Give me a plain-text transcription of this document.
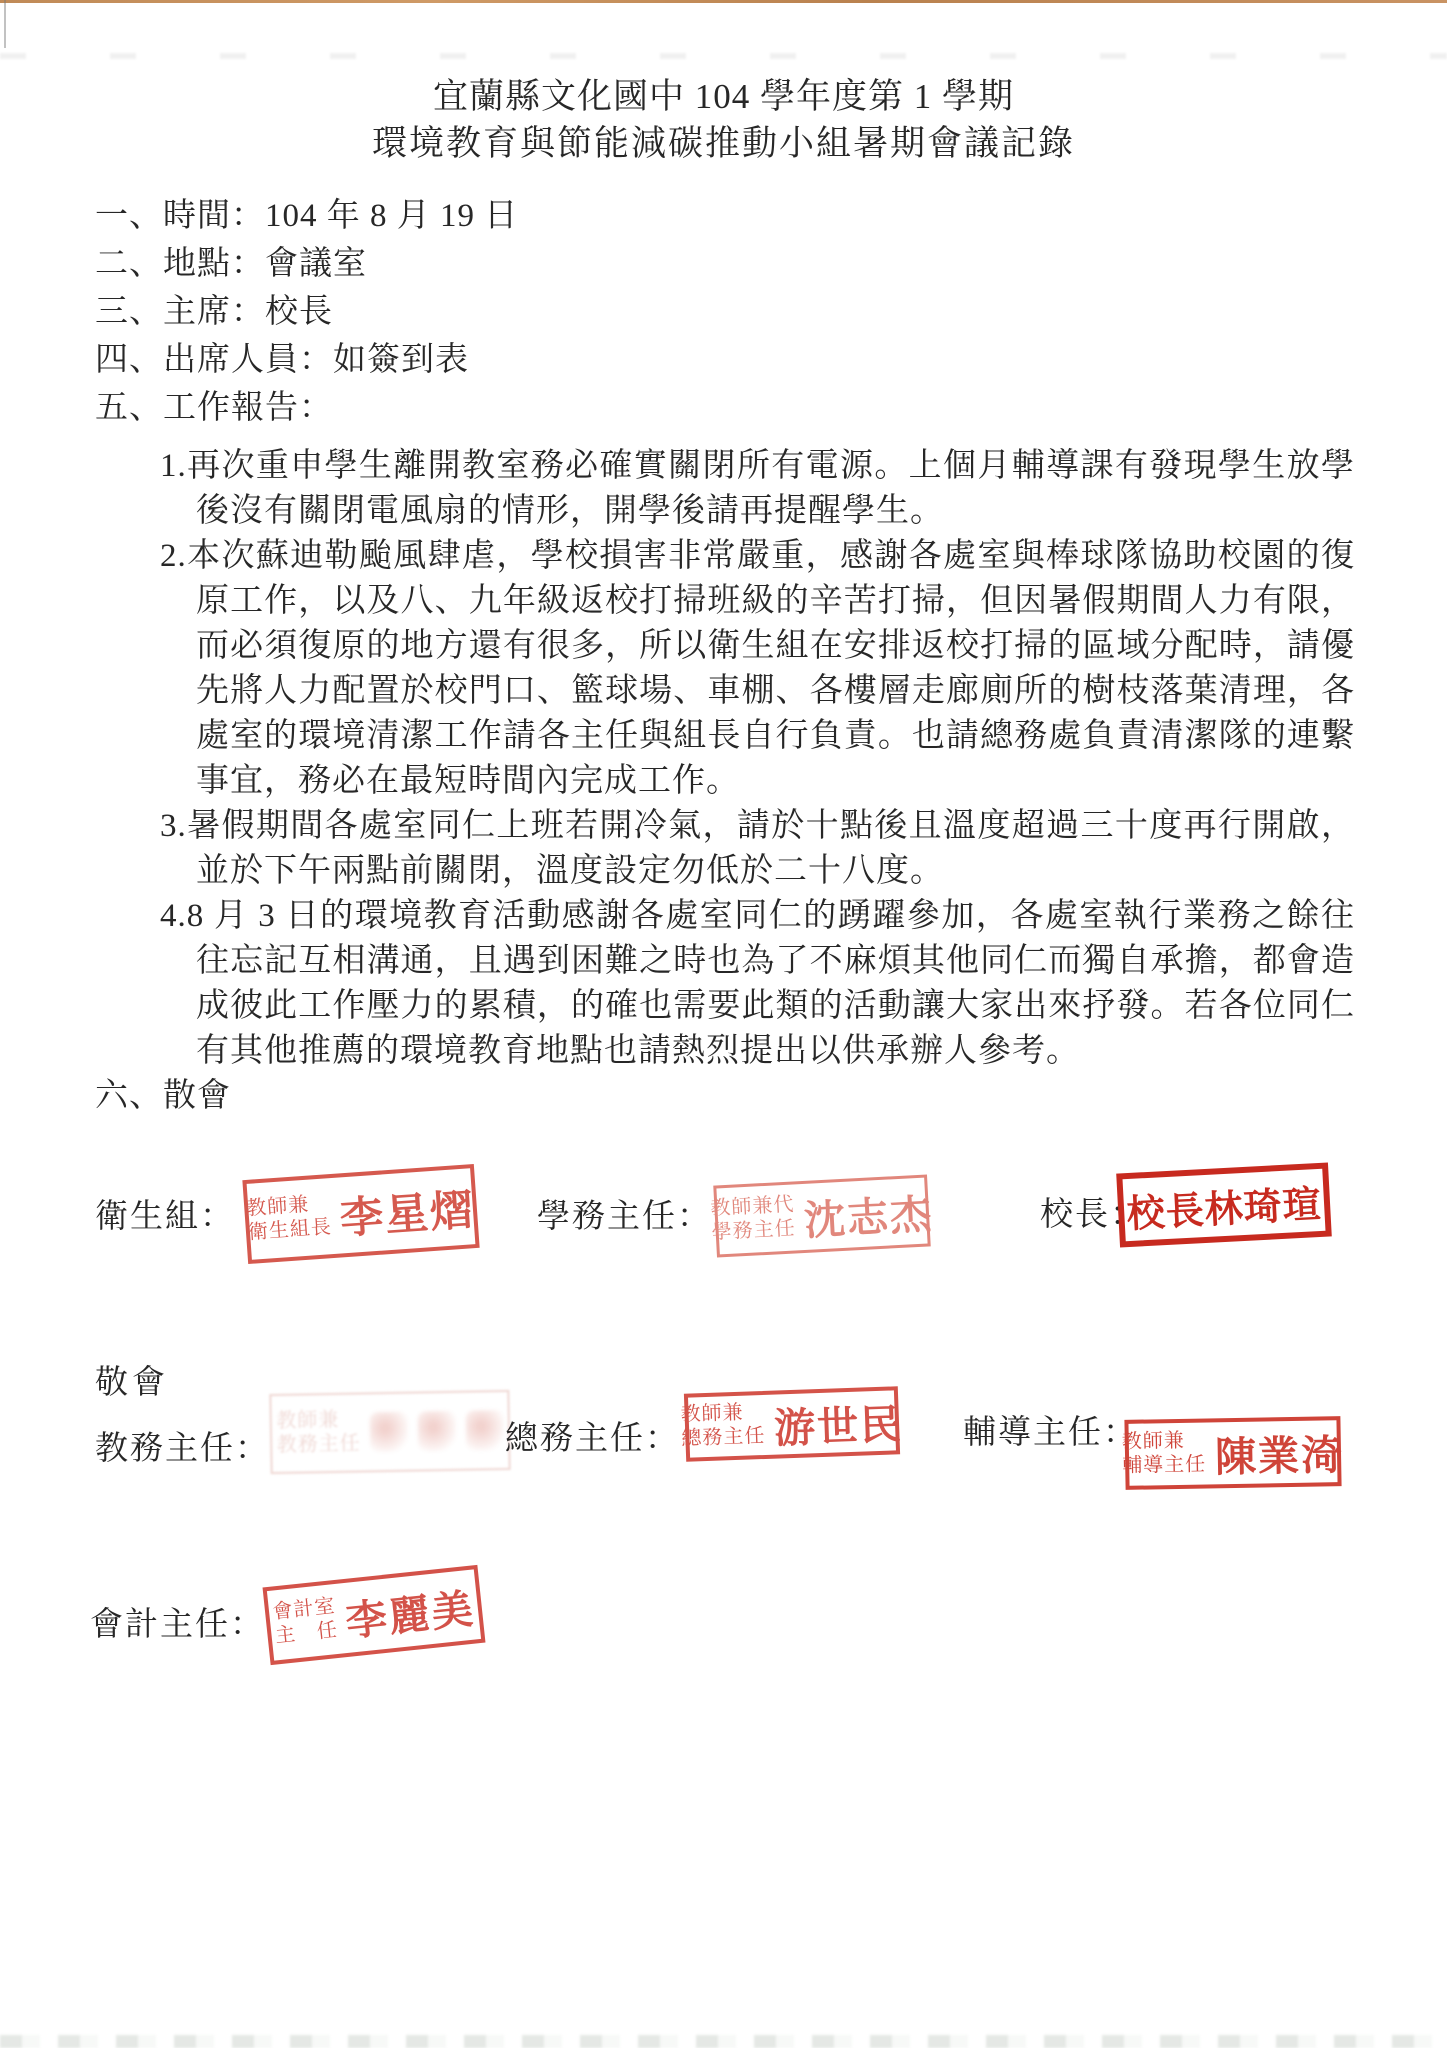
宜蘭縣文化國中 104 學年度第 1 學期
環境教育與節能減碳推動小組暑期會議記錄
一、時間：104 年 8 月 19 日
二、地點：會議室
三、主席：校長
四、出席人員：如簽到表
五、工作報告：
1.再次重申學生離開教室務必確實關閉所有電源。上個月輔導課有發現學生放學後沒有關閉電風扇的情形，開學後請再提醒學生。
2.本次蘇迪勒颱風肆虐，學校損害非常嚴重，感謝各處室與棒球隊協助校園的復原工作，以及八、九年級返校打掃班級的辛苦打掃，但因暑假期間人力有限，而必須復原的地方還有很多，所以衛生組在安排返校打掃的區域分配時，請優先將人力配置於校門口、籃球場、車棚、各樓層走廊廁所的樹枝落葉清理，各處室的環境清潔工作請各主任與組長自行負責。也請總務處負責清潔隊的連繫事宜，務必在最短時間內完成工作。
3.暑假期間各處室同仁上班若開冷氣，請於十點後且溫度超過三十度再行開啟，並於下午兩點前關閉，溫度設定勿低於二十八度。
4.8 月 3 日的環境教育活動感謝各處室同仁的踴躍參加，各處室執行業務之餘往往忘記互相溝通，且遇到困難之時也為了不麻煩其他同仁而獨自承擔，都會造成彼此工作壓力的累積，的確也需要此類的活動讓大家出來抒發。若各位同仁有其他推薦的環境教育地點也請熱烈提出以供承辦人參考。
六、散會
衛生組： 教師兼
衛生組長 李星熠 學務主任：
教師兼代
學務主任 沈志杰	校長：
校長林琦瑄
敬會
教務主任：
教師兼
教務主任	總務主任：
教師兼
總務主任 游世民 輔導主任：
教師兼
輔導主任 陳業渏
會計主任： 會計室
主　任 李麗美
